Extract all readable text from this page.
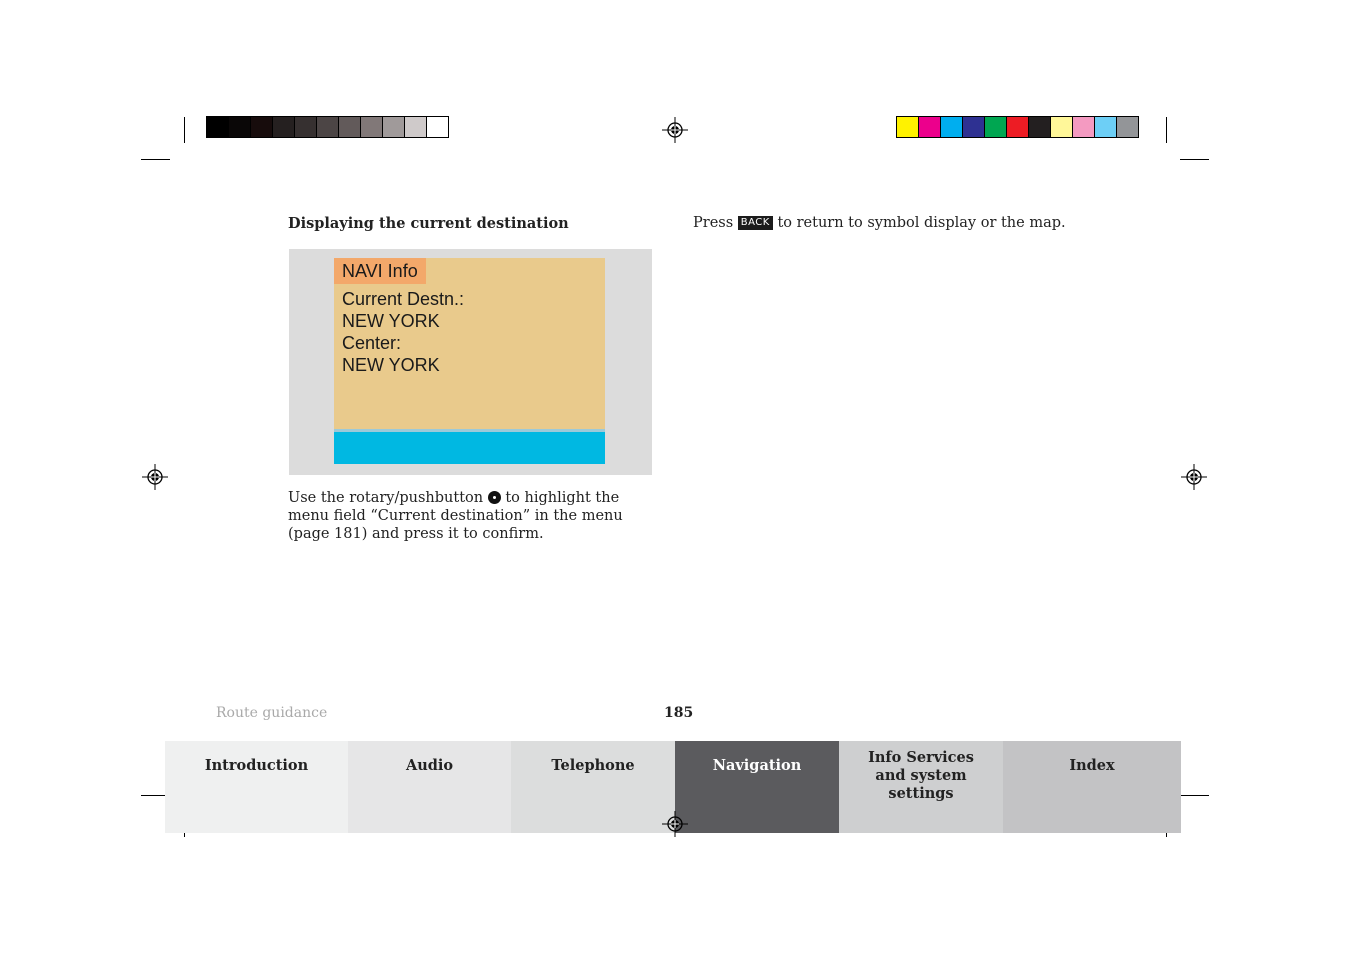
Displaying the current destination
NAVI Info
Current Destn.:
NEW YORK
Center:
NEW YORK
Use the rotary/pushbutton to highlight the menu field “Current destination” in the menu (page 181) and press it to confirm.
Press BACK to return to symbol display or the map.
Route guidance	185
Introduction	Audio	Telephone	Navigation	Info Services and system settings
Index
